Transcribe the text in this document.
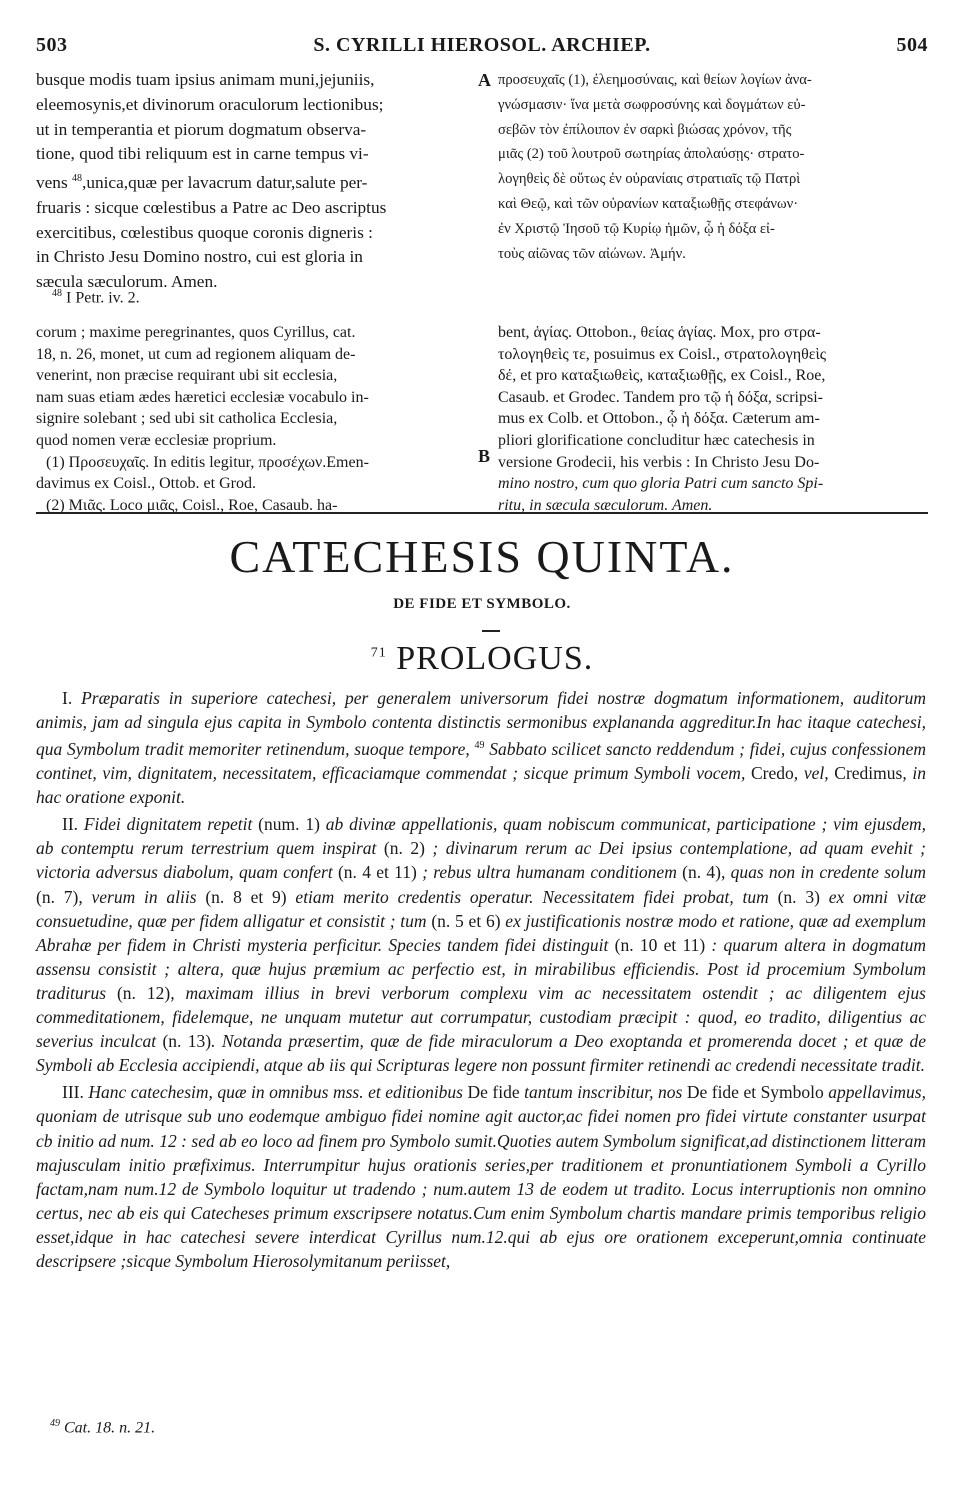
503	S. CYRILLI HIEROSOL. ARCHIEP.	504

busque modis tuam ipsius animam muni,jejuniis,

eleemosynis,et divinorum oraculorum lectionibus;

ut in temperantia et piorum dogmatum observa-

tione, quod tibi reliquum est in carne tempus vi-

vens $^{48}$,unica,quæ per lavacrum datur,salute per-

fruaris : sicque cœlestibus a Patre ac Deo ascriptus

exercitibus, cœlestibus quoque coronis digneris :

in Christo Jesu Domino nostro, cui est gloria in

sæcula sæculorum. Amen.

A προσευχαῖς (1), ἐλεημοσύναις, καὶ θείων λογίων ἀνα-

γνώσμασιν· ἵνα μετὰ σωφροσύνης καὶ δογμάτων εὐ-

σεβῶν τὸν ἐπίλοιπον ἐν σαρκὶ βιώσας χρόνον, τῆς

μιᾶς (2) τοῦ λουτροῦ σωτηρίας ἀπολαύσῃς· στρατο-

λογηθεὶς δὲ οὕτως ἐν οὐρανίαις στρατιαῖς τῷ Πατρὶ

καὶ Θεῷ, καὶ τῶν οὐρανίων καταξιωθῇς στεφάνων·

ἐν Χριστῷ Ἰησοῦ τῷ Κυρίῳ ἡμῶν, ᾧ ἡ δόξα εἰ-

τοὺς αἰῶνας τῶν αἰώνων. Ἀμήν.

$^{48}$ I Petr. iv. 2.

corum ; maxime peregrinantes, quos Cyrillus, cat.

18, n. 26, monet, ut cum ad regionem aliquam de-

venerint, non præcise requirant ubi sit ecclesia,

nam suas etiam ædes hæretici ecclesiæ vocabulo in-

signire solebant ; sed ubi sit catholica Ecclesia,

quod nomen veræ ecclesiæ proprium.

(1) Προσευχαῖς. In editis legitur, προσέχων.Emen-

davimus ex Coisl., Ottob. et Grod.

(2) Μιᾶς. Loco μιᾶς, Coisl., Roe, Casaub. ha-

B

bent, ἁγίας. Ottobon., θείας ἁγίας. Mox, pro στρα-

τολογηθεὶς τε, posuimus ex Coisl., στρατολογηθεὶς

δέ, et pro καταξιωθεὶς, καταξιωθῇς, ex Coisl., Roe,

Casaub. et Grodec. Tandem pro τῷ ἡ δόξα, scripsi-

mus ex Colb. et Ottobon., ᾧ ἡ δόξα. Cæterum am-

pliori glorificatione concluditur hæc catechesis in

versione Grodecii, his verbis : In Christo Jesu Do-

mino nostro, cum quo gloria Patri cum sancto Spi-

ritu, in sæcula sæculorum. Amen.

CATECHESIS QUINTA.
DE FIDE ET SYMBOLO.
$^{71}$ PROLOGUS.

I. Præparatis in superiore catechesi, per generalem universorum fidei nostræ dogmatum informationem, auditorum animis, jam ad singula ejus capita in Symbolo contenta distinctis sermonibus explananda aggreditur.In hac itaque catechesi, qua Symbolum tradit memoriter retinendum, suoque tempore, $^{49}$ Sabbato scilicet sancto reddendum ; fidei, cujus confessionem continet, vim, dignitatem, necessitatem, efficaciamque commendat ; sicque primum Symboli vocem, Credo, vel, Credimus, in hac oratione exponit.

II. Fidei dignitatem repetit (num. 1) ab divinæ appellationis, quam nobiscum communicat, participatione ; vim ejusdem, ab contemptu rerum terrestrium quem inspirat (n. 2) ; divinarum rerum ac Dei ipsius contemplatione, ad quam evehit ; victoria adversus diabolum, quam confert (n. 4 et 11) ; rebus ultra humanam conditionem (n. 4), quas non in credente solum (n. 7), verum in aliis (n. 8 et 9) etiam merito credentis operatur. Necessitatem fidei probat, tum (n. 3) ex omni vitæ consuetudine, quæ per fidem alligatur et consistit ; tum (n. 5 et 6) ex justificationis nostræ modo et ratione, quæ ad exemplum Abrahæ per fidem in Christi mysteria perficitur. Species tandem fidei distinguit (n. 10 et 11) : quarum altera in dogmatum assensu consistit ; altera, quæ hujus præmium ac perfectio est, in mirabilibus efficiendis. Post id procemium Symbolum traditurus (n. 12), maximam illius in brevi verborum complexu vim ac necessitatem ostendit ; ac diligentem ejus commeditationem, fidelemque, ne unquam mutetur aut corrumpatur, custodiam præcipit : quod, eo tradito, diligentius ac severius inculcat (n. 13). Notanda præsertim, quæ de fide miraculorum a Deo exoptanda et promerenda docet ; et quæ de Symboli ab Ecclesia accipiendi, atque ab iis qui Scripturas legere non possunt firmiter retinendi ac credendi necessitate tradit.

III. Hanc catechesim, quæ in omnibus mss. et editionibus De fide tantum inscribitur, nos De fide et Symbolo appellavimus, quoniam de utrisque sub uno eodemque ambiguo fidei nomine agit auctor,ac fidei nomen pro fidei virtute constanter usurpat cb initio ad num. 12 : sed ab eo loco ad finem pro Symbolo sumit.Quoties autem Symbolum significat,ad distinctionem litteram majusculam initio præfiximus. Interrumpitur hujus orationis series,per traditionem et pronuntiationem Symboli a Cyrillo factam,nam num.12 de Symbolo loquitur ut tradendo ; num.autem 13 de eodem ut tradito. Locus interruptionis non omnino certus, nec ab eis qui Catecheses primum exscripsere notatus.Cum enim Symbolum chartis mandare primis temporibus religio esset,idque in hac catechesi severe interdicat Cyrillus num.12.qui ab ejus ore orationem exceperunt,omnia continuate descripsere ;sicque Symbolum Hierosolymitanum periisset,

$^{49}$ Cat. 18. n. 21.
